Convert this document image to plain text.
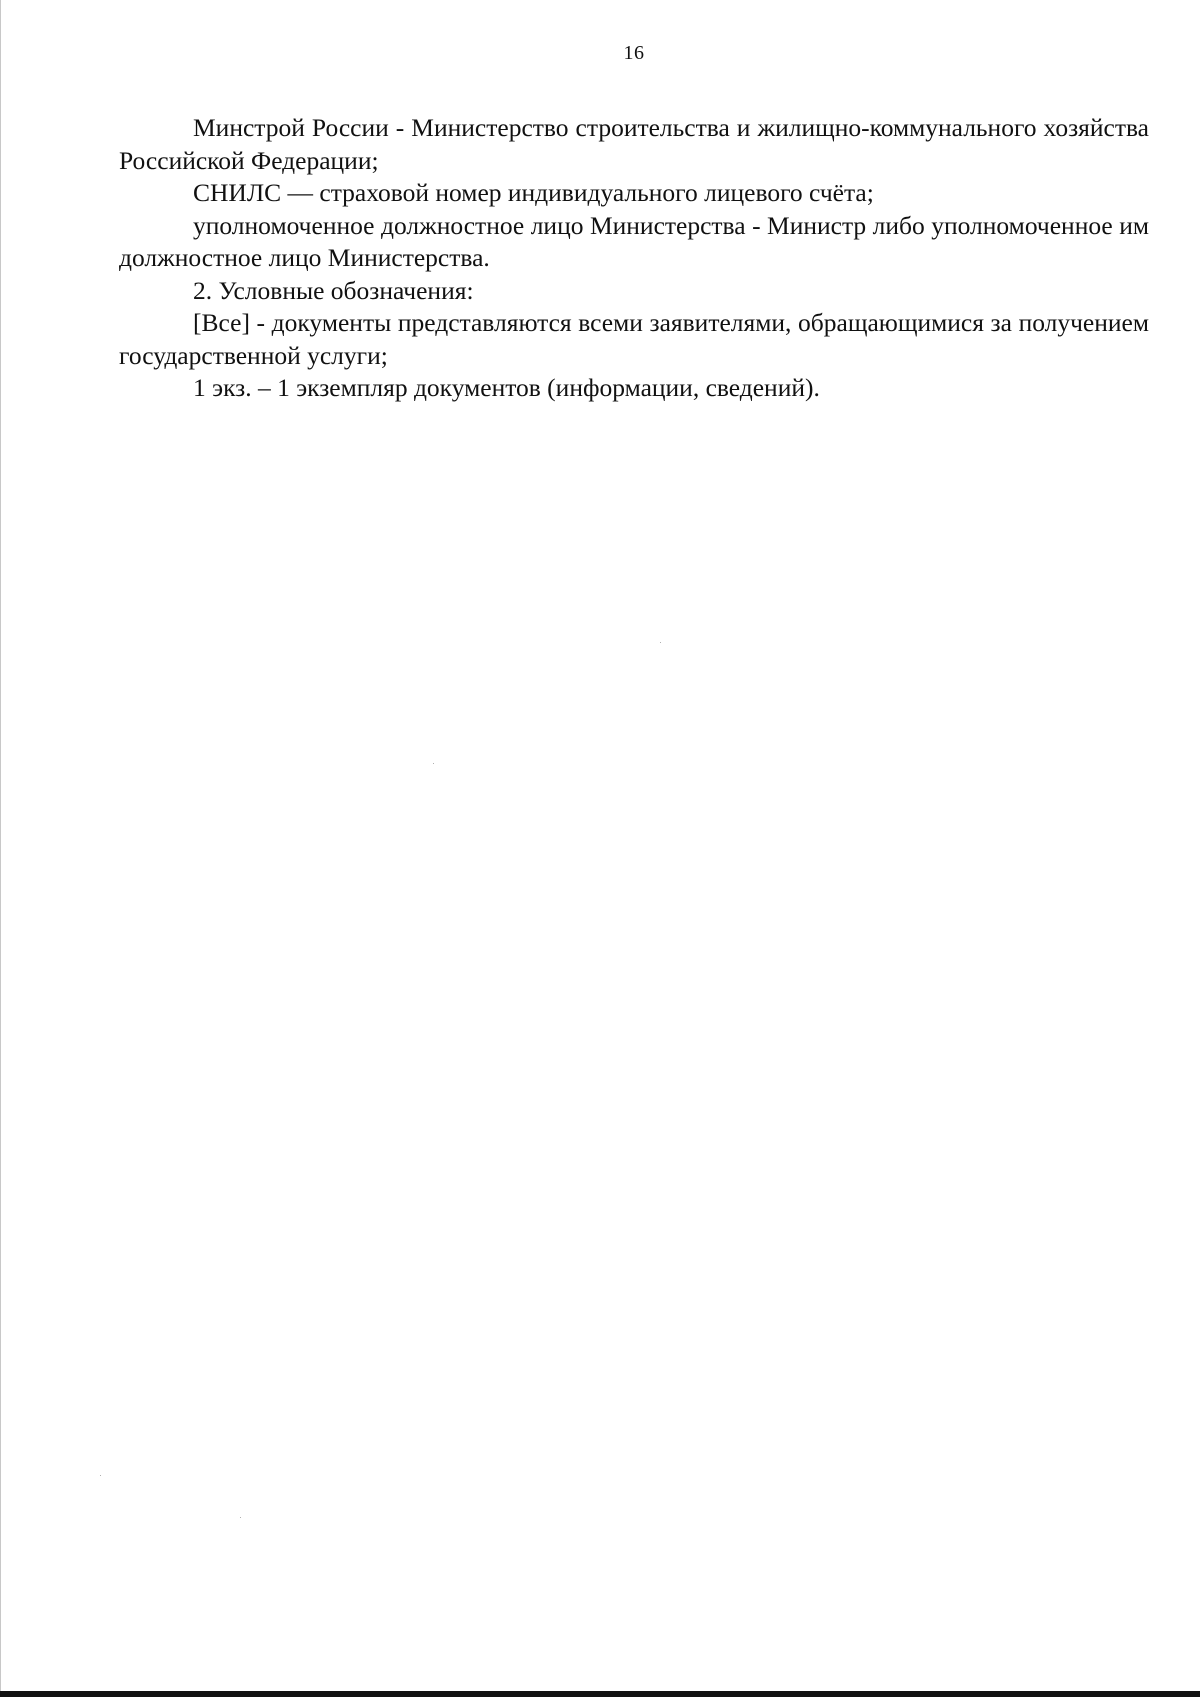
16

Минстрой России - Министерство строительства и жилищно-коммунального хозяйства Российской Федерации;

СНИЛС — страховой номер индивидуального лицевого счёта;

уполномоченное должностное лицо Министерства - Министр либо уполномоченное им должностное лицо Министерства.

2. Условные обозначения:

[Все] - документы представляются всеми заявителями, обращающимися за получением государственной услуги;

1 экз. – 1 экземпляр документов (информации, сведений).
